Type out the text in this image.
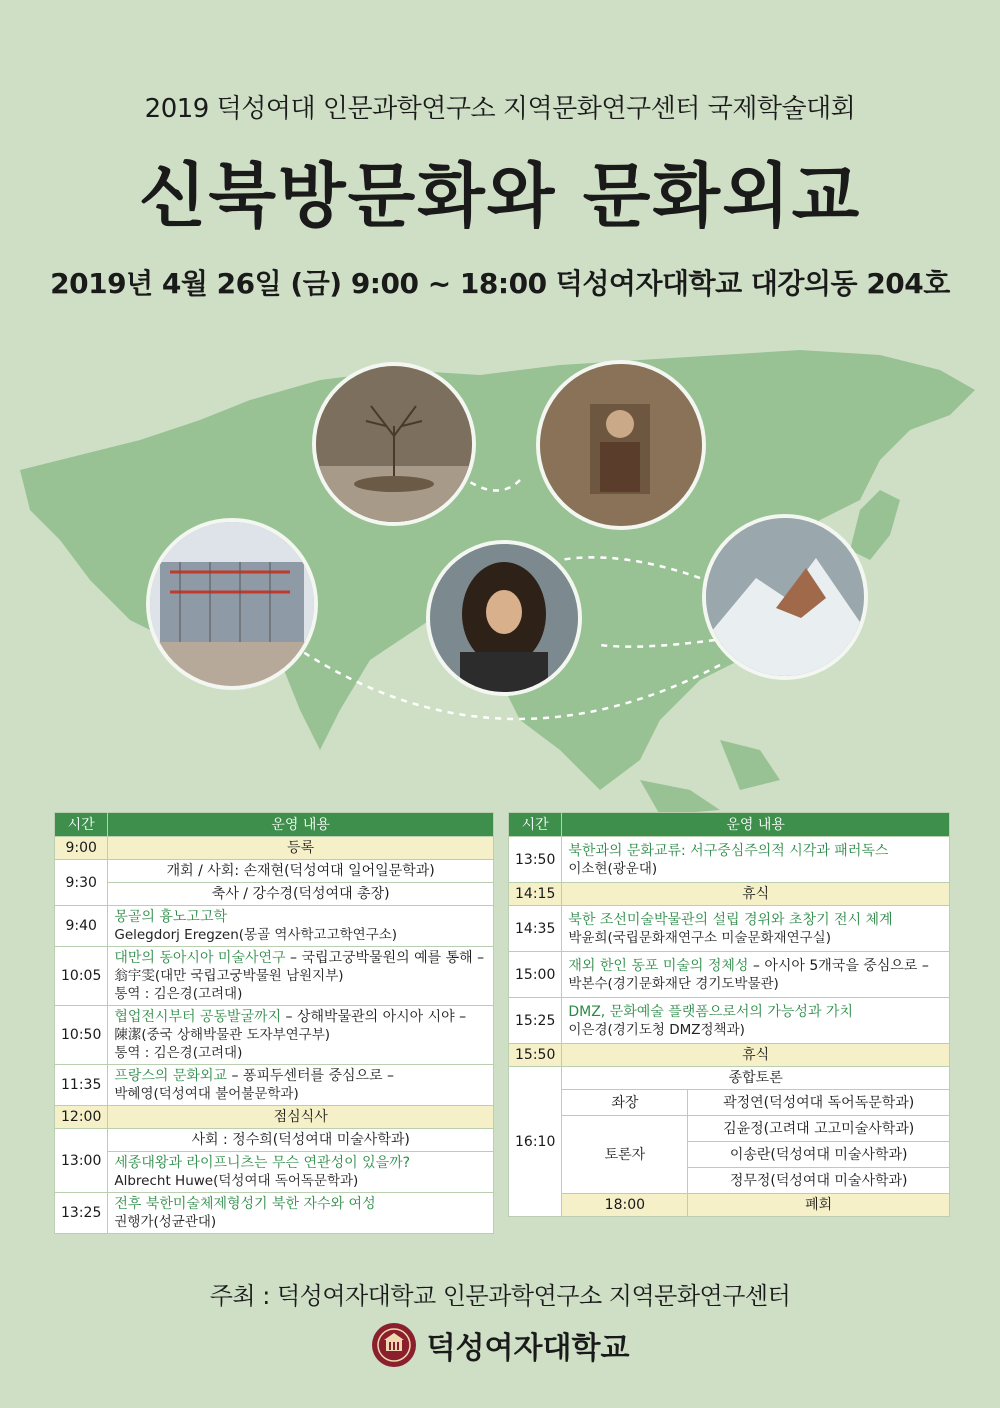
2019 덕성여대 인문과학연구소 지역문화연구센터 국제학술대회
신북방문화와 문화외교
2019년 4월 26일 (금) 9:00 ~ 18:00 덕성여자대학교 대강의동 204호
시간	운영 내용
9:00	등록
9:30	개회 / 사회: 손재현(덕성여대 일어일문학과)
	축사 / 강수경(덕성여대 총장)
9:40	몽골의 흉노고고학
Gelegdorj Eregzen(몽골 역사학고고학연구소)

10:05	대만의 동아시아 미술사연구 – 국립고궁박물원의 예를 통해 –
翁宇雯(대만 국립고궁박물원 남원지부)
통역 : 김은경(고려대)

10:50	협업전시부터 공동발굴까지 – 상해박물관의 아시아 시야 –
陳潔(중국 상해박물관 도자부연구부)
통역 : 김은경(고려대)

11:35	프랑스의 문화외교 – 퐁피두센터를 중심으로 –
박혜영(덕성여대 불어불문학과)

12:00	점심식사
13:00	사회 : 정수희(덕성여대 미술사학과)

	세종대왕과 라이프니츠는 무슨 연관성이 있을까?
Albrecht Huwe(덕성여대 독어독문학과)

13:25	전후 북한미술체제형성기 북한 자수와 여성
권행가(성균관대)
시간	운영 내용	
13:50	북한과의 문화교류: 서구중심주의적 시각과 패러독스
이소현(광운대)	

14:15	휴식	
14:35	북한 조선미술박물관의 설립 경위와 초창기 전시 체계
박윤희(국립문화재연구소 미술문화재연구실)	

15:00	재외 한인 동포 미술의 정체성 – 아시아 5개국을 중심으로 –
박본수(경기문화재단 경기도박물관)	

15:25	DMZ, 문화예술 플랫폼으로서의 가능성과 가치
이은경(경기도청 DMZ정책과)	

15:50	휴식	
16:10	종합토론	
	좌장	곽정연(덕성여대 독어독문학과)
	토론자	김윤정(고려대 고고미술사학과)
		이송란(덕성여대 미술사학과)
		정무정(덕성여대 미술사학과)
	18:00	폐회
주최 : 덕성여자대학교 인문과학연구소 지역문화연구센터
덕성여자대학교
